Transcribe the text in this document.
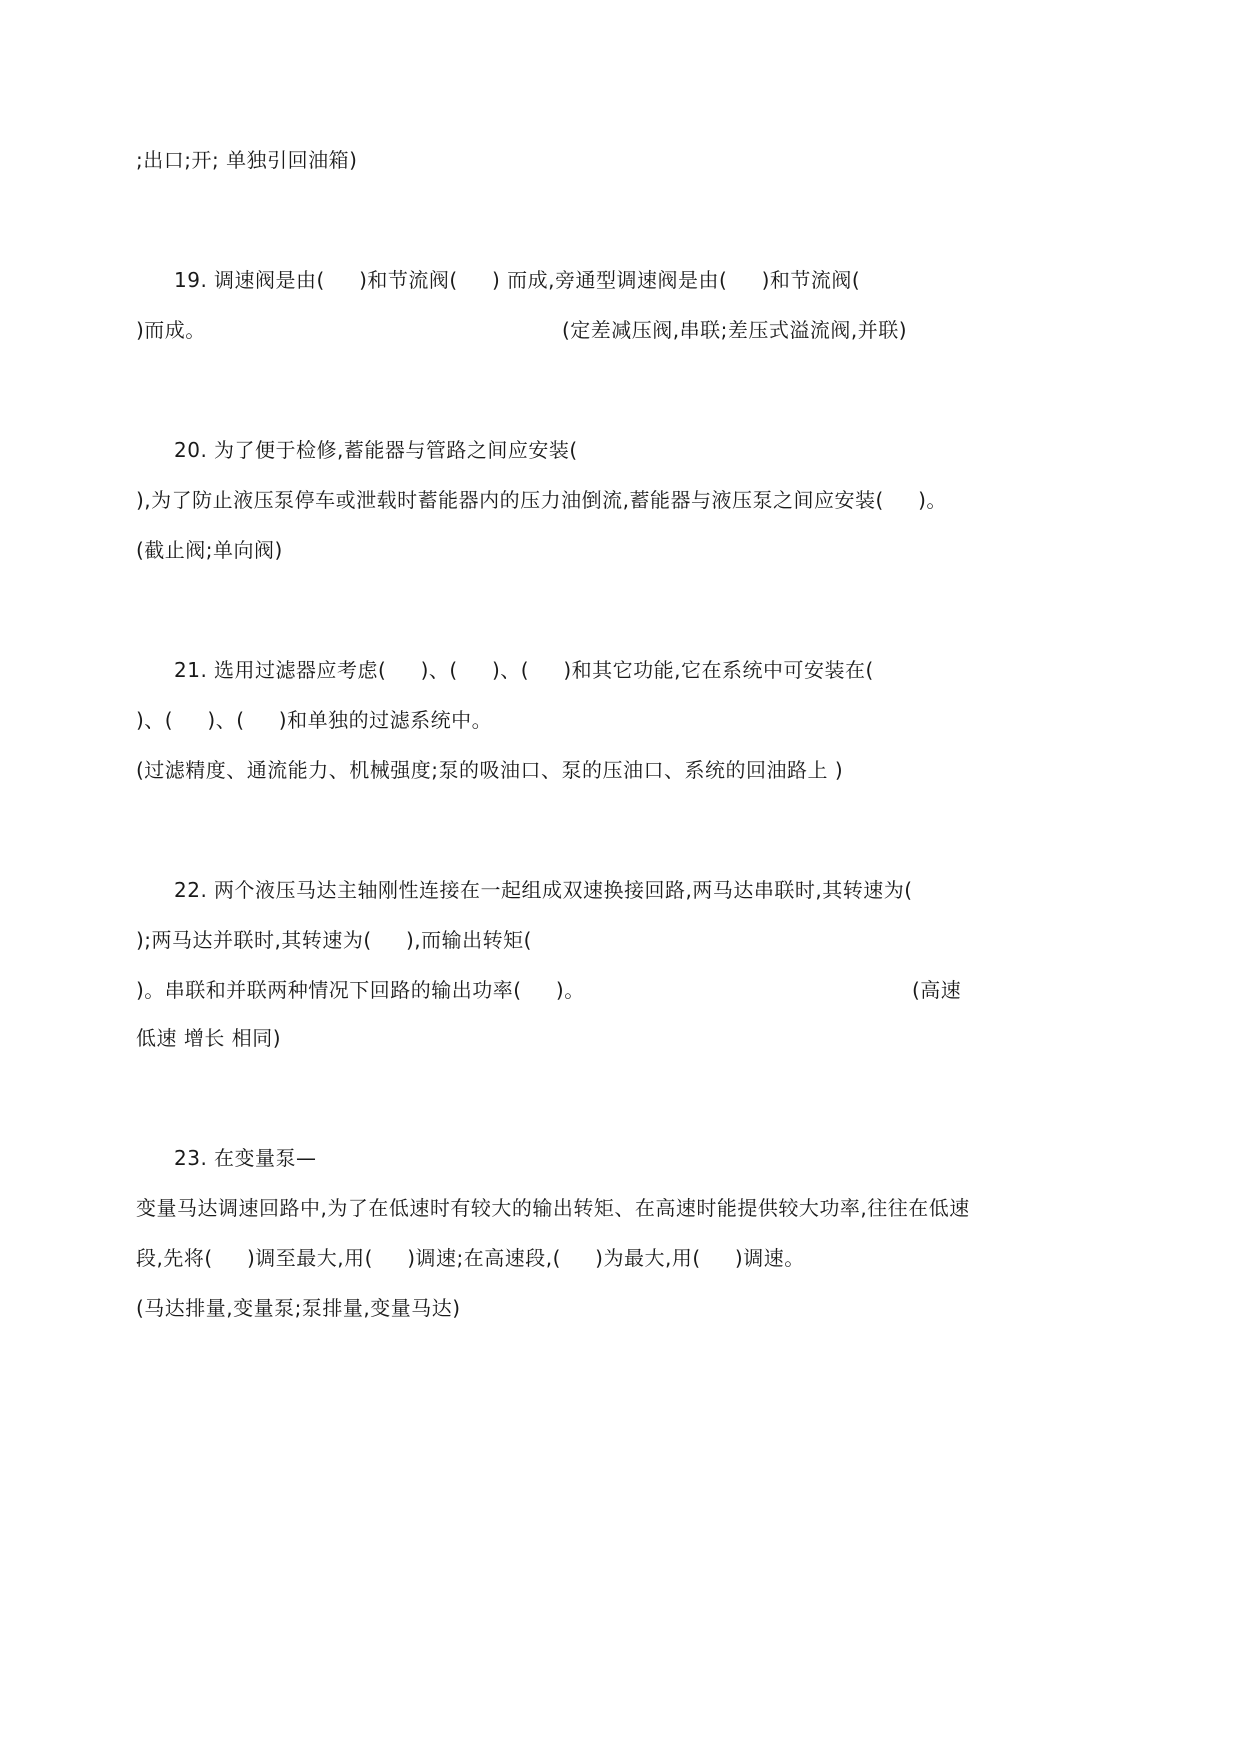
;出口;开; 单独引回油箱)
19. 调速阀是由(     )和节流阀(     ) 而成,旁通型调速阀是由(     )和节流阀(
)而成。	(定差减压阀,串联;差压式溢流阀,并联)
20. 为了便于检修,蓄能器与管路之间应安装(
),为了防止液压泵停车或泄载时蓄能器内的压力油倒流,蓄能器与液压泵之间应安装(     )。
(截止阀;单向阀)
21. 选用过滤器应考虑(     )、(     )、(     )和其它功能,它在系统中可安装在(
)、(     )、(     )和单独的过滤系统中。
(过滤精度、通流能力、机械强度;泵的吸油口、泵的压油口、系统的回油路上 )
22. 两个液压马达主轴刚性连接在一起组成双速换接回路,两马达串联时,其转速为(
);两马达并联时,其转速为(     ),而输出转矩(
)。串联和并联两种情况下回路的输出功率(     )。	(高速
低速 增长 相同)
23. 在变量泵—
变量马达调速回路中,为了在低速时有较大的输出转矩、在高速时能提供较大功率,往往在低速
段,先将(     )调至最大,用(     )调速;在高速段,(     )为最大,用(     )调速。
(马达排量,变量泵;泵排量,变量马达)
